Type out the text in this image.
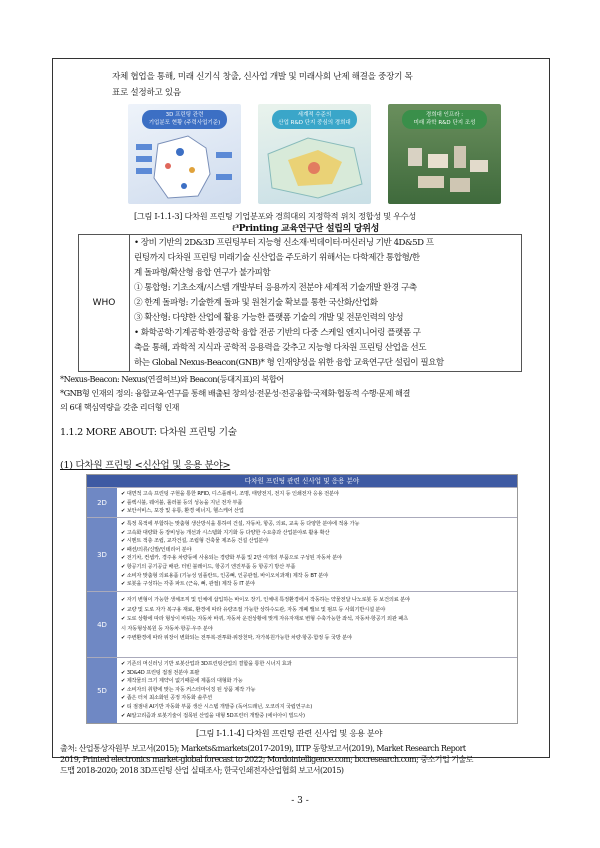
자체 협업을 통해, 미래 신기식 창출, 신사업 개발 및 미래사회 난제 해결을 중장기 목
표로 설정하고 있음
3D 프린팅 관련
기업분포 현황 (주력사업기준)
세계적 수준의
산업 R&D 단지 중심의 경희대
경희대 인프라 :
미래 과학 R&D 단지 조성
[그림 Ⅰ-1.1-3] 다차원 프린팅 기업분포와 경희대의 지정학적 위치 정합성 및 우수성
ℓ³Printing 교육연구단 설립의 당위성
WHO
• 장비 기반의 2D&3D 프린팅부터 지능형 신소재·빅데이터·머신러닝 기반 4D&5D 프
린팅까지 다차원 프린팅 미래기술 신산업을 주도하기 위해서는 다학제간 통합형/한
계 돌파형/확산형 융합 연구가 불가피함
① 통합형: 기초소재/시스템 개발부터 응용까지 전분야 세계적 기술개발 환경 구축
② 한계 돌파형: 기술한계 돌파 및 원천기술 확보를 통한 국산화/산업화
③ 확산형: 다양한 산업에 활용 가능한 플랫폼 기술의 개발 및 전문인력의 양성
• 화학공학·기계공학·환경공학 융합 전공 기반의 다중 스케일 엔지니어링 플랫폼 구
축을 통해, 과학적 지식과 공학적 응용력을 갖추고 지능형 다차원 프린팅 산업을 선도
하는 Global Nexus-Beacon(GNB)* 형 인재양성을 위한 융합 교육연구단 설립이 필요함
*Nexus-Beacon: Nexus(연결허브)와 Beacon(등대지표)의 복합어
*GNB형 인재의 정의: 융합교육·연구를 통해 배출된 창의성·전문성·전공융합·국제화·협동적 수행·문제 해결
의 6대 핵심역량을 갖춘 리더형 인재
1.1.2 MORE ABOUT: 다차원 프린팅 기술
(1) 다차원 프린팅 <신산업 및 응용 분야>
다차원 프린팅 관련 신사업 및 응용 분야
2D
✔ 대면적 고속 프린팅 구현을 통한 RFID, 디스플레이, 조명, 태양전지, 전지 등 인쇄전자 응용 전분야
✔ 플렉시블, 웨어블, 롤러블 등의 성능을 지닌 전자 부품
✔ 보안서비스, 포장 및 유통, 환경 에너지, 헬스케어 산업
3D
✔ 특정 목적에 부합하는 맞춤형 생산방식을 통하여 건설, 자동차, 항공, 의료, 교육 등 다양한 분야에 적용 가능
✔ 고속화 대량화 등 장비성능 개선과 시스템화 지기화 등 다양한 수요층과 산업분야로 활용 확산
✔ 시멘트 적층 조립, 교각건설, 조립형 건축물 제조등 건설 산업분야
✔ 패션/의류/신발/인테리어 분야
✔ 전기차, 컨셉카, 경주용 차량등에 사용되는 경량화 부품 및 2만 여개의 부품으로 구성된 자동차 분야
✔ 항공기의 공기공급 배관, 터빈 블레이드, 항공기 엔진부품 등 항공기 방산 부품
✔ 소비자 맞춤형 의료용품 (기능성 임플란트, 인공뼈, 인공관절, 바이오치과재) 제작 등 BT 분야
✔ 로봇을 구성하는 각종 파트 (근육, 뼈, 관절) 제작 등 IT 분야
4D
✔ 자기 변형이 가능한 생체조직 및 인체에 삽입하는 바이오 장기, 인체내 특정환경에서 작동하는 약물전달 나노로봇 등 보건의료 분야
✔ 교량 및 도로 자가 복구용 재료, 환경에 따라 유량조절 가능한 상하수도관, 자동 개폐 밸브 및 펌프 등 사회기반시설 분야
✔ 도로 상황에 따라 형상이 바뀌는 자동차 바퀴, 자동차 운전상황에 맞게 자유자재로 변형 수축가능한 좌석, 자동차·항공기 외관 패츠
시 자동형상복원 등 자동차·항공·우주 분야
✔ 주변환경에 따라 위장이 변화되는 전투복·전투화·위장천막, 자가복원가능한 차량·항공·함정 등 국방 분야
5D
✔ 기존의 머신러닝 기반 로봇산업과 3D프린팅산업의 결합을 통한 시너지 효과
✔ 3D&4D 프린팅 접점 전분야 포괄
✔ 제작물의 크기 제약이 없기때문에 제품의 대형화 가능
✔ 소비자의 취향에 맞는 자동 커스터마이징 된 상품 제작 가능
✔ 좁은 터치 최소화된 공정 자동화 솔루션
✔ 티 점점내 AI기반 자동화 부품 생산 시스템 개발중 (독어드래닌, 오코리지 국립연구소)
✔ AI알고리즘과 로봇기술이 접목된 산업을 대형 5D프린터 개발중 (에이아이 빌드사)
[그림 Ⅰ-1.1-4] 다차원 프린팅 관련 신사업 및 응용 분야
출처: 산업통상자원부 보고서(2015); Markets&markets(2017-2019), IITP 동향보고서(2019), Market Research Report
2019, Printed electronics market-global forecast to 2022; Mordointelligence.com; bccresearch.com; 중소기업 기술로
드맵 2018-2020; 2018 3D프린팅 산업 실태조사; 한국인쇄전자산업협회 보고서(2015)
- 3 -
